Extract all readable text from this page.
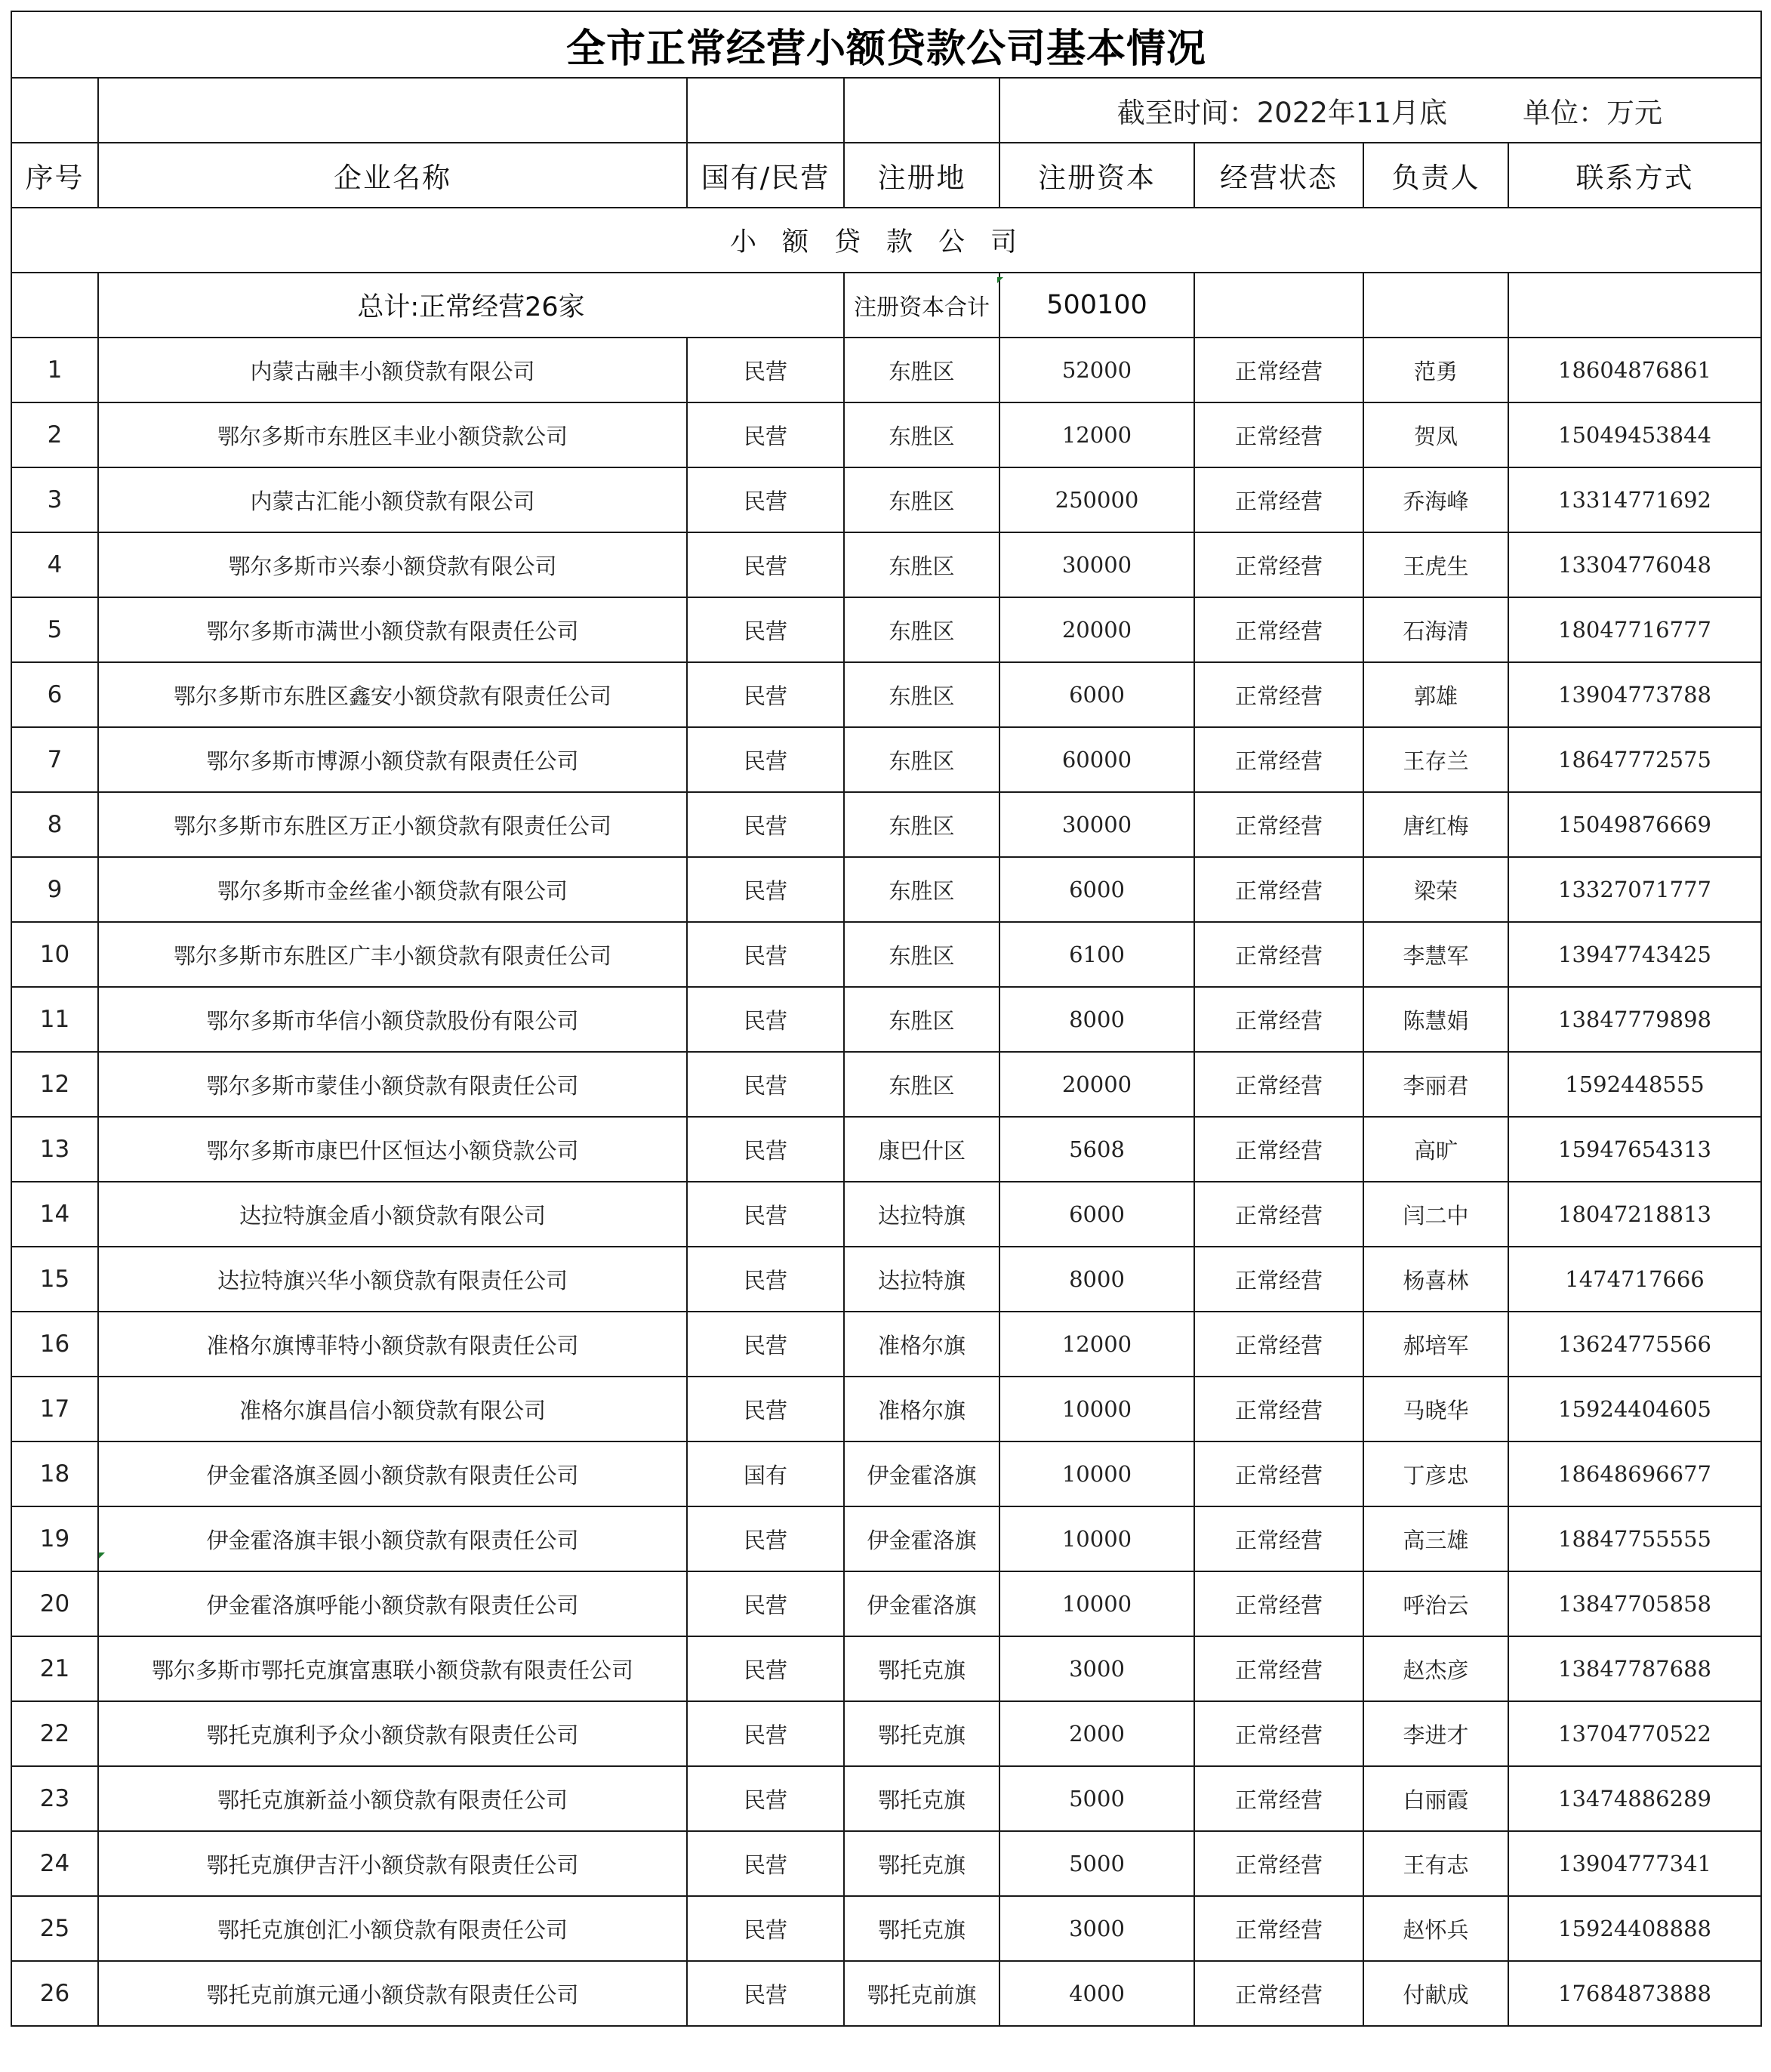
全市正常经营小额贷款公司基本情况							

				截至时间：2022年11月底 单位：万元			

序号	企业名称	国有/民营	注册地	注册资本	经营状态	负责人	联系方式
小额贷款公司							
	总计:正常经营26家		注册资本合计	500100			
1	内蒙古融丰小额贷款有限公司	民营	东胜区	52000	正常经营	范勇	18604876861
2	鄂尔多斯市东胜区丰业小额贷款公司	民营	东胜区	12000	正常经营	贺凤	15049453844
3	内蒙古汇能小额贷款有限公司	民营	东胜区	250000	正常经营	乔海峰	13314771692
4	鄂尔多斯市兴泰小额贷款有限公司	民营	东胜区	30000	正常经营	王虎生	13304776048
5	鄂尔多斯市满世小额贷款有限责任公司	民营	东胜区	20000	正常经营	石海清	18047716777
6	鄂尔多斯市东胜区鑫安小额贷款有限责任公司	民营	东胜区	6000	正常经营	郭雄	13904773788
7	鄂尔多斯市博源小额贷款有限责任公司	民营	东胜区	60000	正常经营	王存兰	18647772575
8	鄂尔多斯市东胜区万正小额贷款有限责任公司	民营	东胜区	30000	正常经营	唐红梅	15049876669
9	鄂尔多斯市金丝雀小额贷款有限公司	民营	东胜区	6000	正常经营	梁荣	13327071777
10	鄂尔多斯市东胜区广丰小额贷款有限责任公司	民营	东胜区	6100	正常经营	李慧军	13947743425
11	鄂尔多斯市华信小额贷款股份有限公司	民营	东胜区	8000	正常经营	陈慧娟	13847779898
12	鄂尔多斯市蒙佳小额贷款有限责任公司	民营	东胜区	20000	正常经营	李丽君	1592448555
13	鄂尔多斯市康巴什区恒达小额贷款公司	民营	康巴什区	5608	正常经营	高旷	15947654313
14	达拉特旗金盾小额贷款有限公司	民营	达拉特旗	6000	正常经营	闫二中	18047218813
15	达拉特旗兴华小额贷款有限责任公司	民营	达拉特旗	8000	正常经营	杨喜林	1474717666
16	准格尔旗博菲特小额贷款有限责任公司	民营	准格尔旗	12000	正常经营	郝培军	13624775566
17	准格尔旗昌信小额贷款有限公司	民营	准格尔旗	10000	正常经营	马晓华	15924404605
18	伊金霍洛旗圣圆小额贷款有限责任公司	国有	伊金霍洛旗	10000	正常经营	丁彦忠	18648696677
19	伊金霍洛旗丰银小额贷款有限责任公司	民营	伊金霍洛旗	10000	正常经营	高三雄	18847755555
20	伊金霍洛旗呼能小额贷款有限责任公司	民营	伊金霍洛旗	10000	正常经营	呼治云	13847705858
21	鄂尔多斯市鄂托克旗富惠联小额贷款有限责任公司	民营	鄂托克旗	3000	正常经营	赵杰彦	13847787688
22	鄂托克旗利予众小额贷款有限责任公司	民营	鄂托克旗	2000	正常经营	李进才	13704770522
23	鄂托克旗新益小额贷款有限责任公司	民营	鄂托克旗	5000	正常经营	白丽霞	13474886289
24	鄂托克旗伊吉汗小额贷款有限责任公司	民营	鄂托克旗	5000	正常经营	王有志	13904777341
25	鄂托克旗创汇小额贷款有限责任公司	民营	鄂托克旗	3000	正常经营	赵怀兵	15924408888
26	鄂托克前旗元通小额贷款有限责任公司	民营	鄂托克前旗	4000	正常经营	付献成	17684873888
